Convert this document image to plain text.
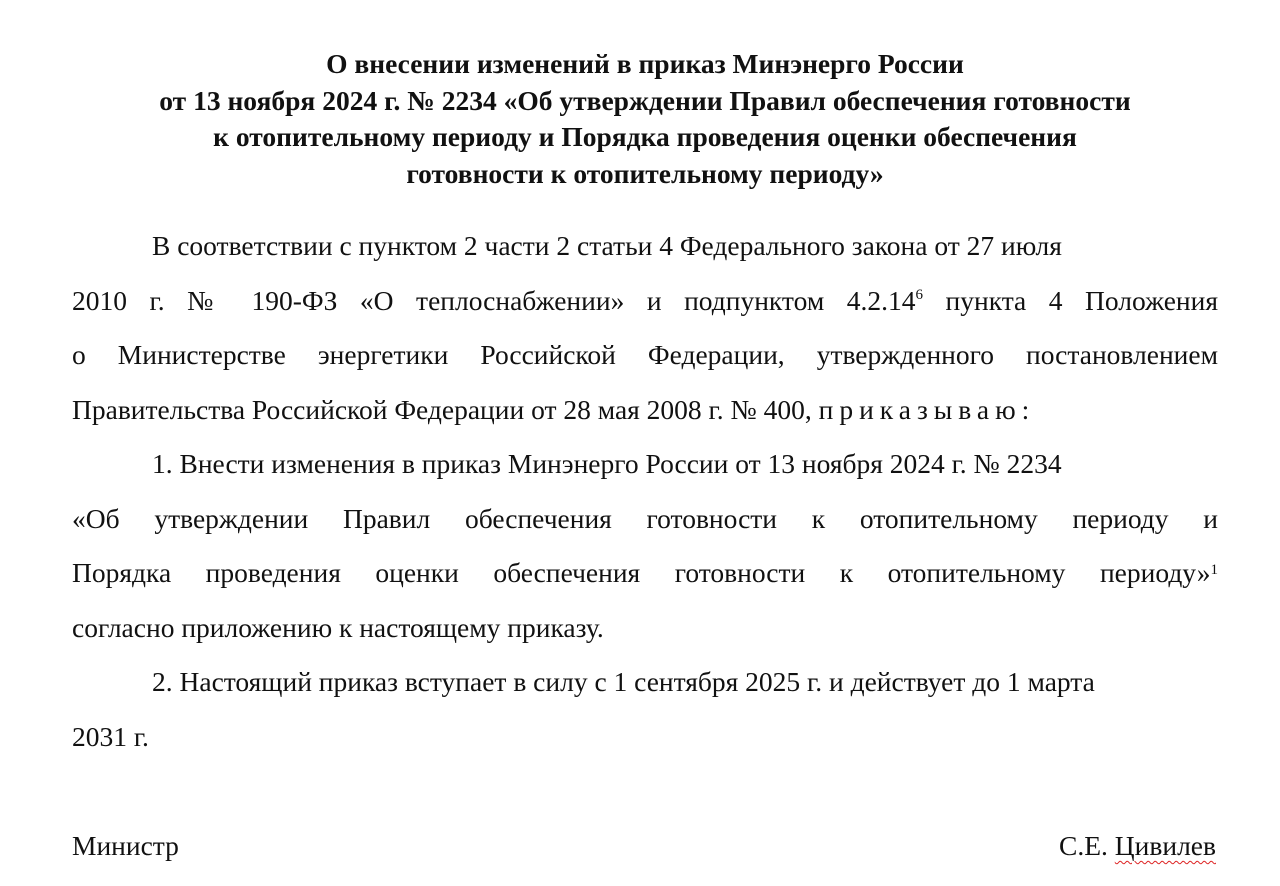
О внесении изменений в приказ Минэнерго России
от 13 ноября 2024 г. № 2234 «Об утверждении Правил обеспечения готовности
к отопительному периоду и Порядка проведения оценки обеспечения
готовности к отопительному периоду»
В соответствии с пунктом 2 части 2 статьи 4 Федерального закона от 27 июля
2010 г. № 190-ФЗ «О теплоснабжении» и подпунктом 4.2.14$^6$ пункта 4 Положения
о Министерстве энергетики Российской Федерации, утвержденного постановлением
Правительства Российской Федерации от 28 мая 2008 г. № 400, приказываю:
1. Внести изменения в приказ Минэнерго России от 13 ноября 2024 г. № 2234
«Об утверждении Правил обеспечения готовности к отопительному периоду и
Порядка проведения оценки обеспечения готовности к отопительному периоду»$^1$
согласно приложению к настоящему приказу.
2. Настоящий приказ вступает в силу с 1 сентября 2025 г. и действует до 1 марта
2031 г.
Министр	С.Е. Цивилев
